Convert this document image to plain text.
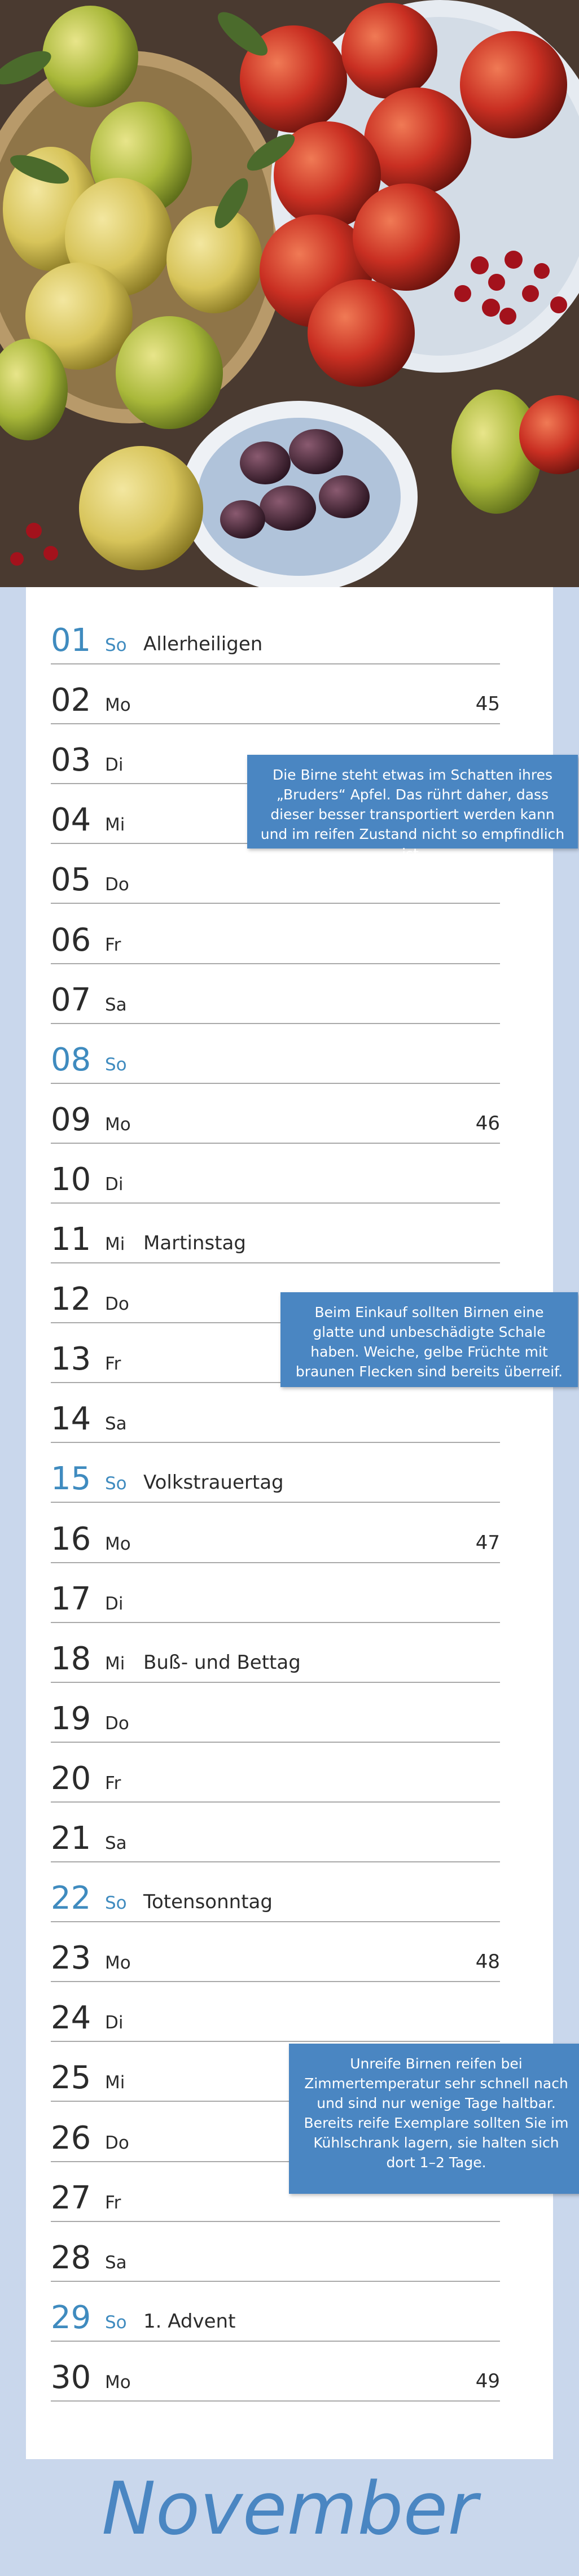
01 So Allerheiligen
02 Mo	45
03 Di
04 Mi
05 Do
06 Fr
07 Sa
08 So
09 Mo	46
10 Di
11 Mi Martinstag
12 Do
13 Fr
14 Sa
15 So Volkstrauertag
16 Mo	47
17 Di
18 Mi Buß- und Bettag
19 Do
20 Fr
21 Sa
22 So Totensonntag
23 Mo	48
24 Di
25 Mi
26 Do
27 Fr
28 Sa
29 So 1. Advent
30 Mo	49
Die Birne steht etwas im Schatten ihres „Bruders“ Apfel. Das rührt daher, dass dieser besser transportiert werden kann und im reifen Zustand nicht so empfindlich ist.
Beim Einkauf sollten Birnen eine glatte und unbeschädigte Schale haben. Weiche, gelbe Früchte mit braunen Flecken sind bereits überreif.
Unreife Birnen reifen bei Zimmertemperatur sehr schnell nach und sind nur wenige Tage haltbar. Bereits reife Exemplare sollten Sie im Kühlschrank lagern, sie halten sich dort 1–2 Tage.
November
